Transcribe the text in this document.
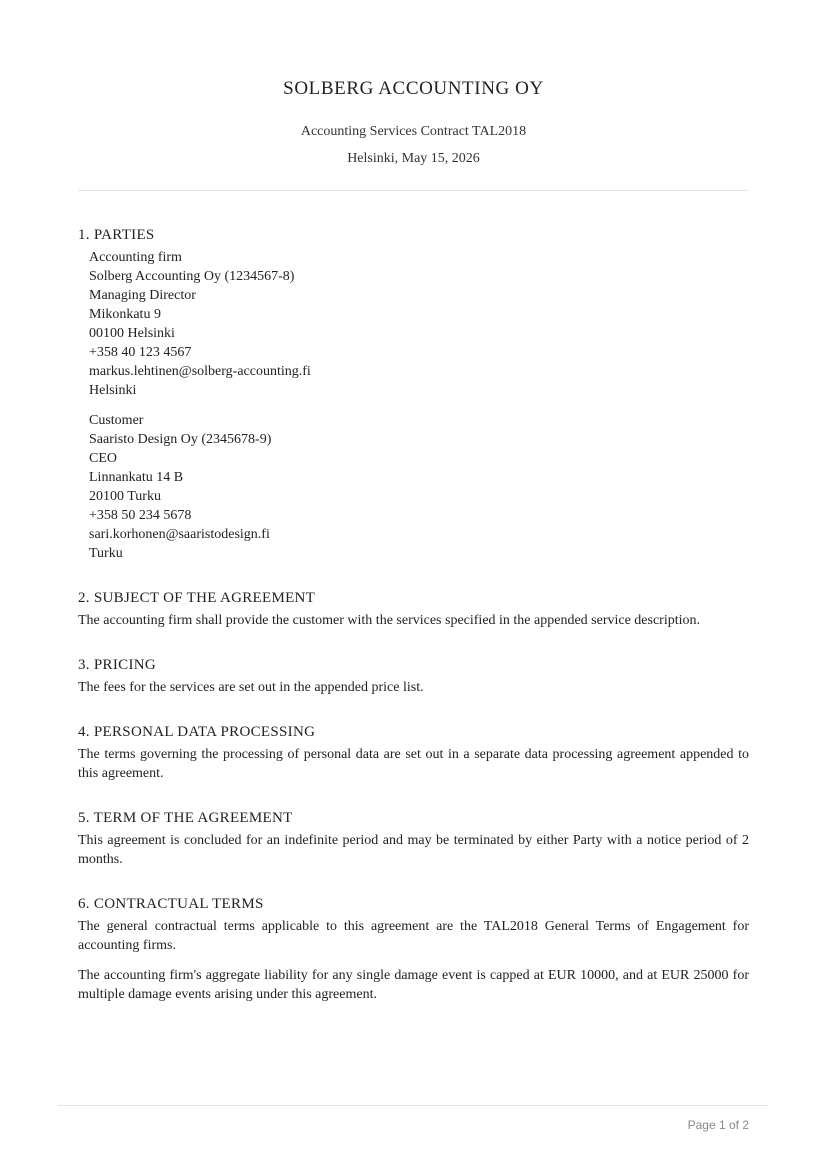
SOLBERG ACCOUNTING OY
Accounting Services Contract TAL2018
Helsinki, May 15, 2026
1. PARTIES
Accounting firm
Solberg Accounting Oy (1234567-8)
Managing Director
Mikonkatu 9
00100 Helsinki
+358 40 123 4567
markus.lehtinen@solberg-accounting.fi
Helsinki
Customer
Saaristo Design Oy (2345678-9)
CEO
Linnankatu 14 B
20100 Turku
+358 50 234 5678
sari.korhonen@saaristodesign.fi
Turku
2. SUBJECT OF THE AGREEMENT

The accounting firm shall provide the customer with the services specified in the appended service description.

3. PRICING

The fees for the services are set out in the appended price list.

4. PERSONAL DATA PROCESSING

The terms governing the processing of personal data are set out in a separate data processing agreement appended to this agreement.

5. TERM OF THE AGREEMENT

This agreement is concluded for an indefinite period and may be terminated by either Party with a notice period of 2 months.

6. CONTRACTUAL TERMS

The general contractual terms applicable to this agreement are the TAL2018 General Terms of Engagement for accounting firms.

The accounting firm's aggregate liability for any single damage event is capped at EUR 10000, and at EUR 25000 for multiple damage events arising under this agreement.

Page 1 of 2
